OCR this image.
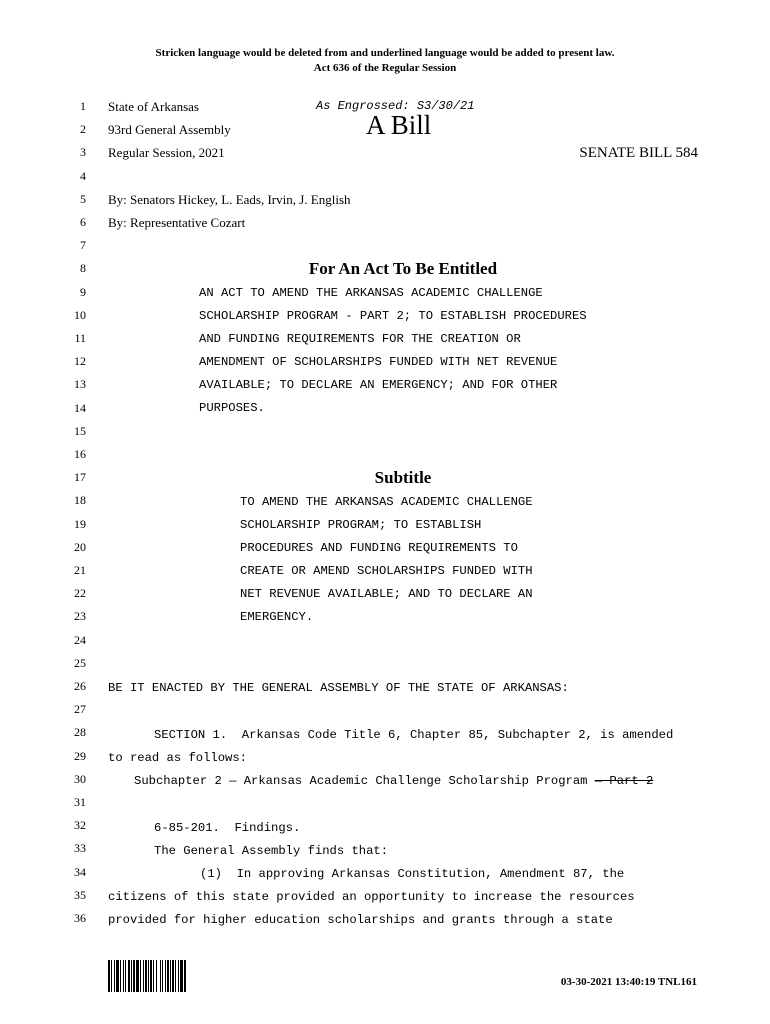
Stricken language would be deleted from and underlined language would be added to present law.
Act 636 of the Regular Session
1
2
3
4
5
6
7
8
9
10
11
12
13
14
15
16
17
18
19
20
21
22
23
24
25
26
27
28
29
30
31
32
33
34
35
36
State of Arkansas	As Engrossed: S3/30/21
93rd General Assembly	A Bill
Regular Session, 2021	SENATE BILL 584
By: Senators Hickey, L. Eads, Irvin, J. English
By: Representative Cozart
For An Act To Be Entitled
AN ACT TO AMEND THE ARKANSAS ACADEMIC CHALLENGE
SCHOLARSHIP PROGRAM - PART 2; TO ESTABLISH PROCEDURES
AND FUNDING REQUIREMENTS FOR THE CREATION OR
AMENDMENT OF SCHOLARSHIPS FUNDED WITH NET REVENUE
AVAILABLE; TO DECLARE AN EMERGENCY; AND FOR OTHER
PURPOSES.
Subtitle
TO AMEND THE ARKANSAS ACADEMIC CHALLENGE
SCHOLARSHIP PROGRAM; TO ESTABLISH
PROCEDURES AND FUNDING REQUIREMENTS TO
CREATE OR AMEND SCHOLARSHIPS FUNDED WITH
NET REVENUE AVAILABLE; AND TO DECLARE AN
EMERGENCY.
BE IT ENACTED BY THE GENERAL ASSEMBLY OF THE STATE OF ARKANSAS:
SECTION 1.  Arkansas Code Title 6, Chapter 85, Subchapter 2, is amended
to read as follows:
Subchapter 2 — Arkansas Academic Challenge Scholarship Program — Part 2
6-85-201.  Findings.
The General Assembly finds that:
(1)  In approving Arkansas Constitution, Amendment 87, the
citizens of this state provided an opportunity to increase the resources
provided for higher education scholarships and grants through a state
03-30-2021 13:40:19 TNL161
